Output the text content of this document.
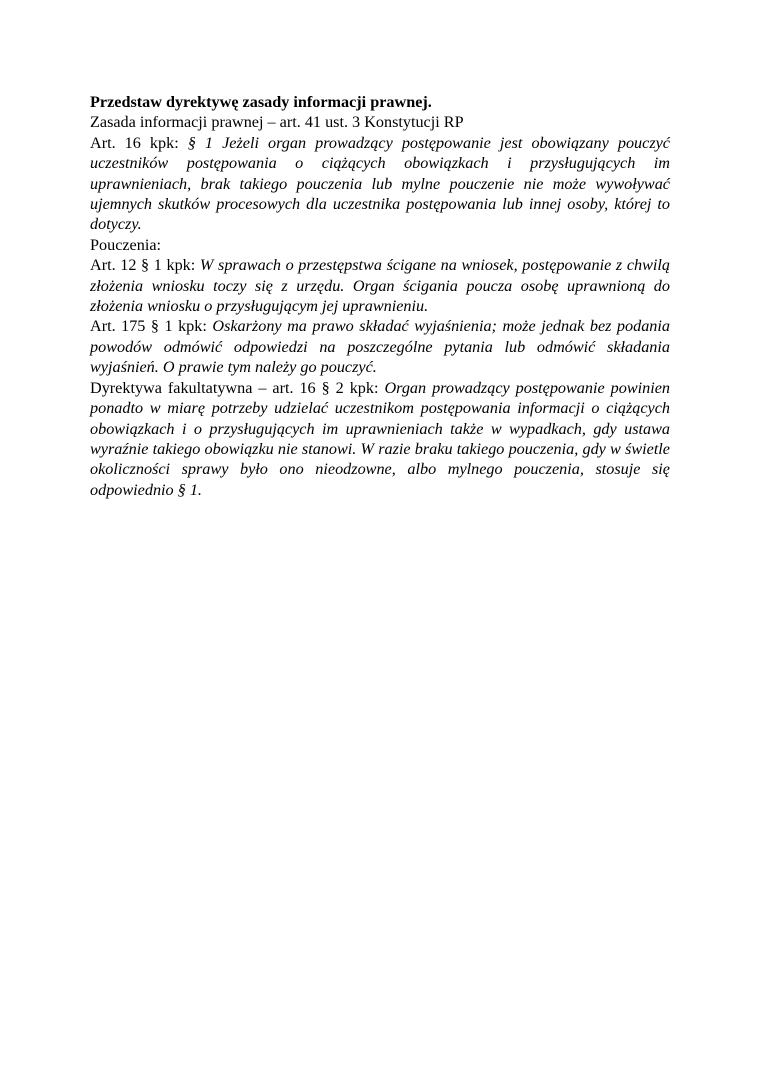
Przedstaw dyrektywę zasady informacji prawnej.

Zasada informacji prawnej – art. 41 ust. 3 Konstytucji RP

Art. 16 kpk: § 1 Jeżeli organ prowadzący postępowanie jest obowiązany pouczyć uczestników postępowania o ciążących obowiązkach i przysługujących im uprawnieniach, brak takiego pouczenia lub mylne pouczenie nie może wywoływać ujemnych skutków procesowych dla uczestnika postępowania lub innej osoby, której to dotyczy.

Pouczenia:

Art. 12 § 1 kpk: W sprawach o przestępstwa ścigane na wniosek, postępowanie z chwilą złożenia wniosku toczy się z urzędu. Organ ścigania poucza osobę uprawnioną do złożenia wniosku o przysługującym jej uprawnieniu.

Art. 175 § 1 kpk: Oskarżony ma prawo składać wyjaśnienia; może jednak bez podania powodów odmówić odpowiedzi na poszczególne pytania lub odmówić składania wyjaśnień. O prawie tym należy go pouczyć.

Dyrektywa fakultatywna – art. 16 § 2 kpk: Organ prowadzący postępowanie powinien ponadto w miarę potrzeby udzielać uczestnikom postępowania informacji o ciążących obowiązkach i o przysługujących im uprawnieniach także w wypadkach, gdy ustawa wyraźnie takiego obowiązku nie stanowi. W razie braku takiego pouczenia, gdy w świetle okoliczności sprawy było ono nieodzowne, albo mylnego pouczenia, stosuje się odpowiednio § 1.
